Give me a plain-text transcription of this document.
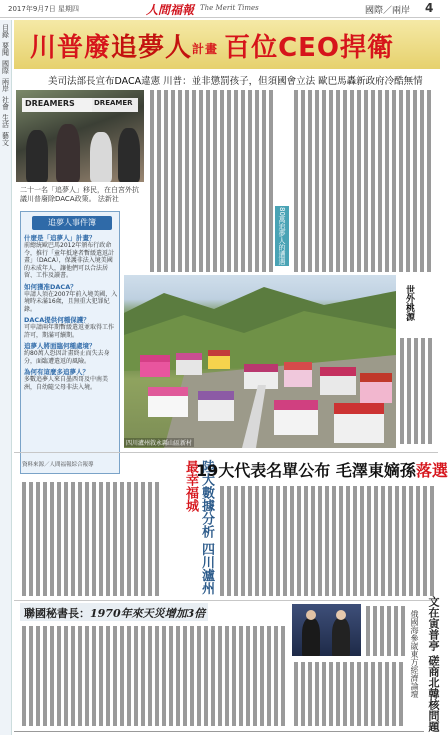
2017年9月7日 星期四	人間福報 The Merit Times	國際／兩岸 4
目錄
要聞
國際
兩岸
社會
生活
藝文
川普廢追夢人計畫 百位CEO捍衛
美司法部長宣布DACA違憲 川普：並非懲罰孩子，但須國會立法 歐巴馬轟新政府冷酷無情
DREAMERS	DREAMER
二十一名「追夢人」移民，在白宮外抗議川普廢除DACA政策。 法新社
80萬追夢人的遭遇
追夢人事件簿
什麼是「追夢人」計畫？
前總統歐巴馬2012年頒布行政命令，推行「童年抵達者暫緩遣返計畫」（DACA），保護非法入境美國的未成年人，讓他們可以合法居留、工作及讀書。
如何獲准DACA？
申請人須在2007年前入境美國，入境時未滿16歲，且無重大犯罪紀錄。
DACA提供何種保護？
可申請兩年期暫緩遣返並取得工作許可，期滿可續期。
追夢人將面臨何種處境？
約80萬人恐因計畫終止而失去身分，面臨遭遣返的風險。
為何有這麼多追夢人？
多數追夢人來自墨西哥及中南美洲，自幼隨父母非法入境。
資料來源／人間福報綜合報導
世外桃源
四川瀘州敘永縣山區新村
陸大數據分析 四川瀘州最幸福城
19大代表名單公布 毛澤東嫡孫落選
聯國秘書長：1970年來天災增加3倍	俄國海參崴東方經濟論壇 文在寅普亭 磋商北韓核問題
